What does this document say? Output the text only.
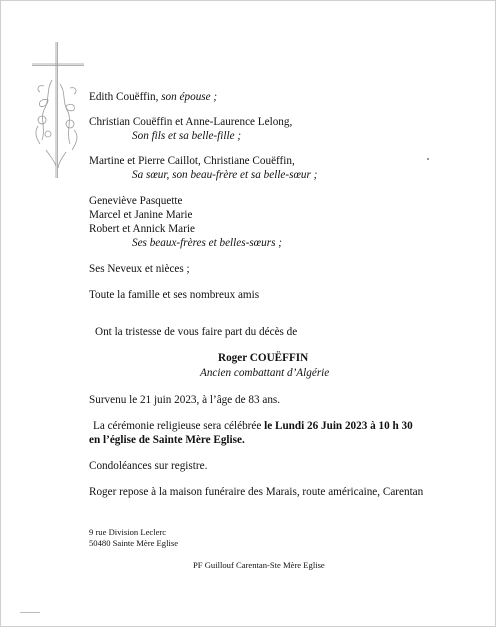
Edith Couëffin, son épouse ;
Christian Couëffin et Anne-Laurence Lelong,
Son fils et sa belle-fille ;
Martine et Pierre Caillot, Christiane Couëffin,
Sa sœur, son beau-frère et sa belle-sœur ;
Geneviève Pasquette
Marcel et Janine Marie
Robert et Annick Marie
Ses beaux-frères et belles-sœurs ;
Ses Neveux et nièces ;
Toute la famille et ses nombreux amis
Ont la tristesse de vous faire part du décès de
Roger COUËFFIN
Ancien combattant d’Algérie
Survenu le 21 juin 2023, à l’âge de 83 ans.
La cérémonie religieuse sera célébrée le Lundi 26 Juin 2023 à 10 h 30
en l’église de Sainte Mère Eglise.
Condoléances sur registre.
Roger repose à la maison funéraire des Marais, route américaine, Carentan
9 rue Division Leclerc
50480 Sainte Mère Eglise
PF Guillouf Carentan-Ste Mère Eglise
